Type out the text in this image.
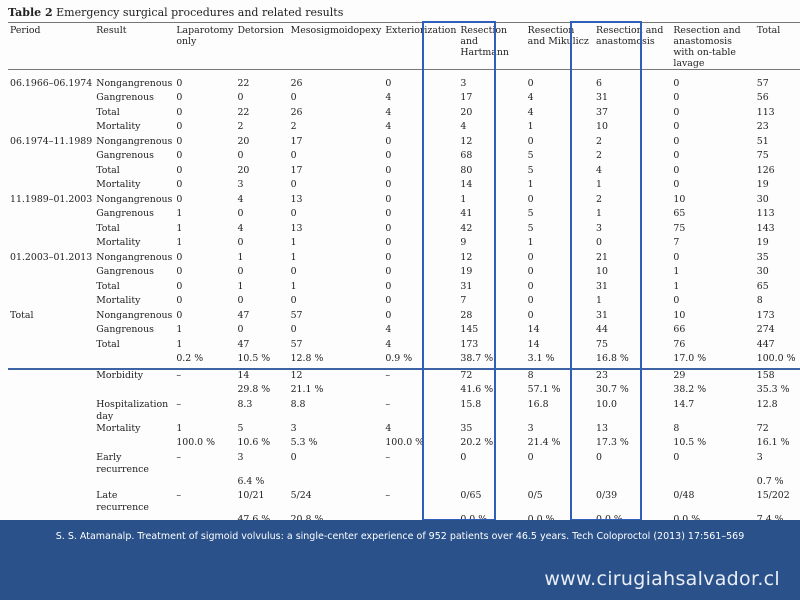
Table 2 Emergency surgical procedures and related results
Period	Result	Laparotomy only	Detorsion	Mesosigmoidopexy	Exteriorization	Resection and Hartmann	Resection and Mikulicz	Resection and anastomosis	Resection and anastomosis with on-table lavage	Total
06.1966–06.1974	Nongangrenous	0	22	26	0	3	0	6	0	57
	Gangrenous	0	0	0	4	17	4	31	0	56
	Total	0	22	26	4	20	4	37	0	113
	Mortality	0	2	2	4	4	1	10	0	23
06.1974–11.1989	Nongangrenous	0	20	17	0	12	0	2	0	51
	Gangrenous	0	0	0	0	68	5	2	0	75
	Total	0	20	17	0	80	5	4	0	126
	Mortality	0	3	0	0	14	1	1	0	19
11.1989–01.2003	Nongangrenous	0	4	13	0	1	0	2	10	30
	Gangrenous	1	0	0	0	41	5	1	65	113
	Total	1	4	13	0	42	5	3	75	143
	Mortality	1	0	1	0	9	1	0	7	19
01.2003–01.2013	Nongangrenous	0	1	1	0	12	0	21	0	35
	Gangrenous	0	0	0	0	19	0	10	1	30
	Total	0	1	1	0	31	0	31	1	65
	Mortality	0	0	0	0	7	0	1	0	8
Total	Nongangrenous	0	47	57	0	28	0	31	10	173
	Gangrenous	1	0	0	4	145	14	44	66	274
	Total	1	47	57	4	173	14	75	76	447
		0.2 %	10.5 %	12.8 %	0.9 %	38.7 %	3.1 %	16.8 %	17.0 %	100.0 %
	Morbidity	–	14	12	–	72	8	23	29	158
			29.8 %	21.1 %		41.6 %	57.1 %	30.7 %	38.2 %	35.3 %
	Hospitalization day	–	8.3	8.8	–	15.8	16.8	10.0	14.7	12.8
	Mortality	1	5	3	4	35	3	13	8	72
		100.0 %	10.6 %	5.3 %	100.0 %	20.2 %	21.4 %	17.3 %	10.5 %	16.1 %
	Early recurrence	–	3	0	–	0	0	0	0	3
			6.4 %							0.7 %
	Late recurrence	–	10/21	5/24	–	0/65	0/5	0/39	0/48	15/202

S. S. Atamanalp. Treatment of sigmoid volvulus: a single-center experience of 952 patients over 46.5 years. Tech Coloproctol (2013) 17:561–569
www.cirugiahsalvador.cl
